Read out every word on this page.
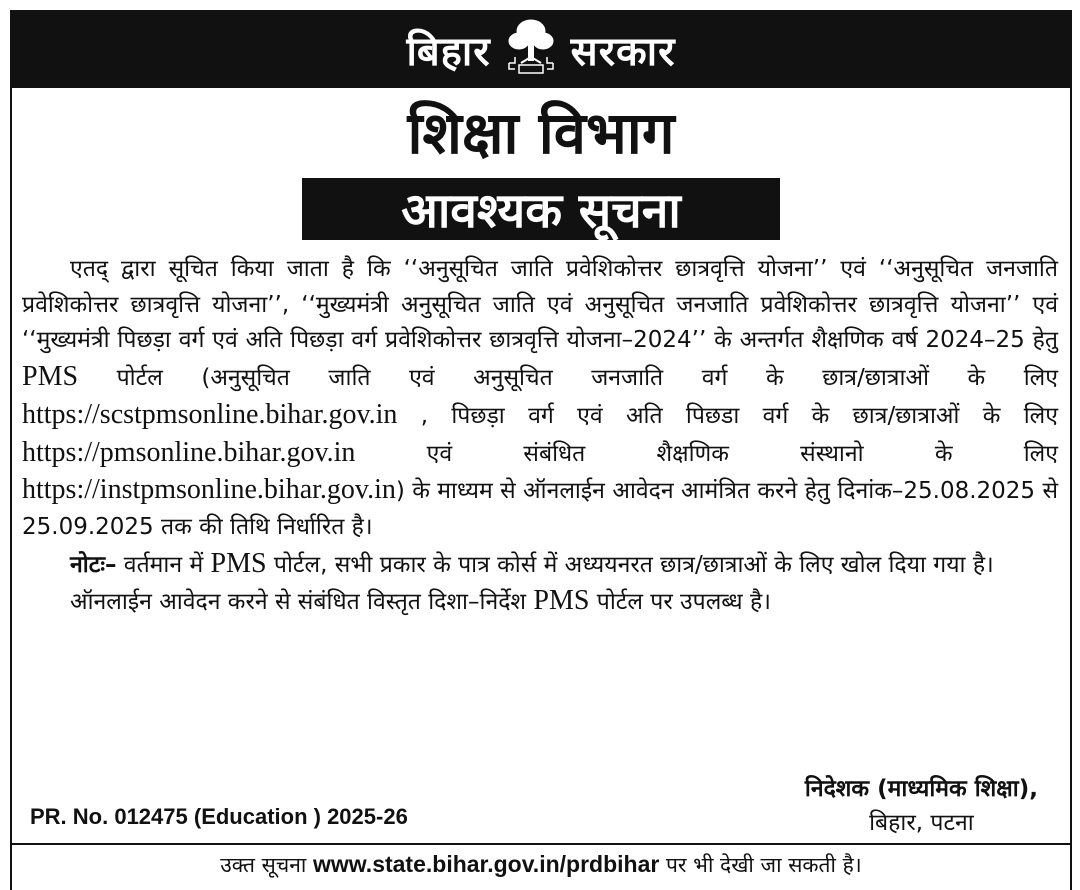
बिहार सरकार
शिक्षा विभाग
आवश्यक सूचना

एतद् द्वारा सूचित किया जाता है कि ‘‘अनुसूचित जाति प्रवेशिकोत्तर छात्रवृत्ति योजना’’ एवं ‘‘अनुसूचित जनजाति प्रवेशिकोत्तर छात्रवृत्ति योजना’’, ‘‘मुख्यमंत्री अनुसूचित जाति एवं अनुसूचित जनजाति प्रवेशिकोत्तर छात्रवृत्ति योजना’’ एवं ‘‘मुख्यमंत्री पिछड़ा वर्ग एवं अति पिछड़ा वर्ग प्रवेशिकोत्तर छात्रवृत्ति योजना–2024’’ के अन्तर्गत शैक्षणिक वर्ष 2024–25 हेतु PMS पोर्टल (अनुसूचित जाति एवं अनुसूचित जनजाति वर्ग के छात्र/छात्राओं के लिए https://scstpmsonline.bihar.gov.in , पिछड़ा वर्ग एवं अति पिछडा वर्ग के छात्र/छात्राओं के लिए https://pmsonline.bihar.gov.in एवं संबंधित शैक्षणिक संस्थानो के लिए https://instpmsonline.bihar.gov.in) के माध्यम से ऑनलाईन आवेदन आमंत्रित करने हेतु दिनांक–25.08.2025 से 25.09.2025 तक की तिथि निर्धारित है।

नोटः– वर्तमान में PMS पोर्टल, सभी प्रकार के पात्र कोर्स में अध्ययनरत छात्र/छात्राओं के लिए खोल दिया गया है।

ऑनलाईन आवेदन करने से संबंधित विस्तृत दिशा–निर्देश PMS पोर्टल पर उपलब्ध है।

निदेशक (माध्यमिक शिक्षा),
बिहार, पटना
PR. No. 012475 (Education ) 2025-26
उक्त सूचना www.state.bihar.gov.in/prdbihar पर भी देखी जा सकती है।
